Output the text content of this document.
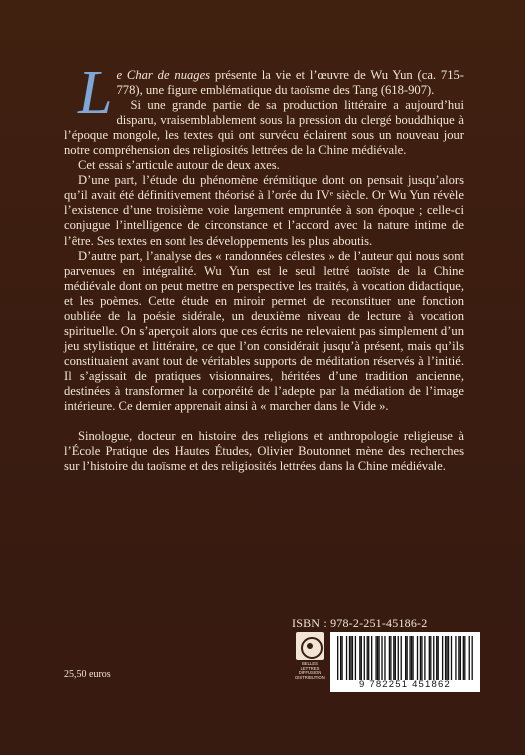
Le Char de nuages présente la vie et l’œuvre de Wu Yun (ca. 715-778), une figure emblématique du taoïsme des Tang (618-907).

Si une grande partie de sa production littéraire a aujourd’hui disparu, vraisemblablement sous la pression du clergé bouddhique à l’époque mongole, les textes qui ont survécu éclairent sous un nouveau jour notre compréhension des religiosités lettrées de la Chine médiévale.

Cet essai s’articule autour de deux axes.

D’une part, l’étude du phénomène érémitique dont on pensait jusqu’alors qu’il avait été définitivement théorisé à l’orée du IVᵉ siècle. Or Wu Yun révèle l’existence d’une troisième voie largement empruntée à son époque ; celle-ci conjugue l’intelligence de circonstance et l’accord avec la nature intime de l’être. Ses textes en sont les développements les plus aboutis.

D’autre part, l’analyse des « randonnées célestes » de l’auteur qui nous sont parvenues en intégralité. Wu Yun est le seul lettré taoïste de la Chine médiévale dont on peut mettre en perspective les traités, à vocation didactique, et les poèmes. Cette étude en miroir permet de reconstituer une fonction oubliée de la poésie sidérale, un deuxième niveau de lecture à vocation spirituelle. On s’aperçoit alors que ces écrits ne relevaient pas simplement d’un jeu stylistique et littéraire, ce que l’on considérait jusqu’à présent, mais qu’ils constituaient avant tout de véritables supports de méditation réservés à l’initié. Il s’agissait de pratiques visionnaires, héritées d’une tradition ancienne, destinées à transformer la corporéité de l’adepte par la médiation de l’image intérieure. Ce dernier apprenait ainsi à « marcher dans le Vide ».

Sinologue, docteur en histoire des religions et anthropologie religieuse à l’École Pratique des Hautes Études, Olivier Boutonnet mène des recherches sur l’histoire du taoïsme et des religiosités lettrées dans la Chine médiévale.

ISBN : 978-2-251-45186-2
BELLES LETTRES DIFFUSION DISTRIBUTION
9 782251 451862
25,50 euros
